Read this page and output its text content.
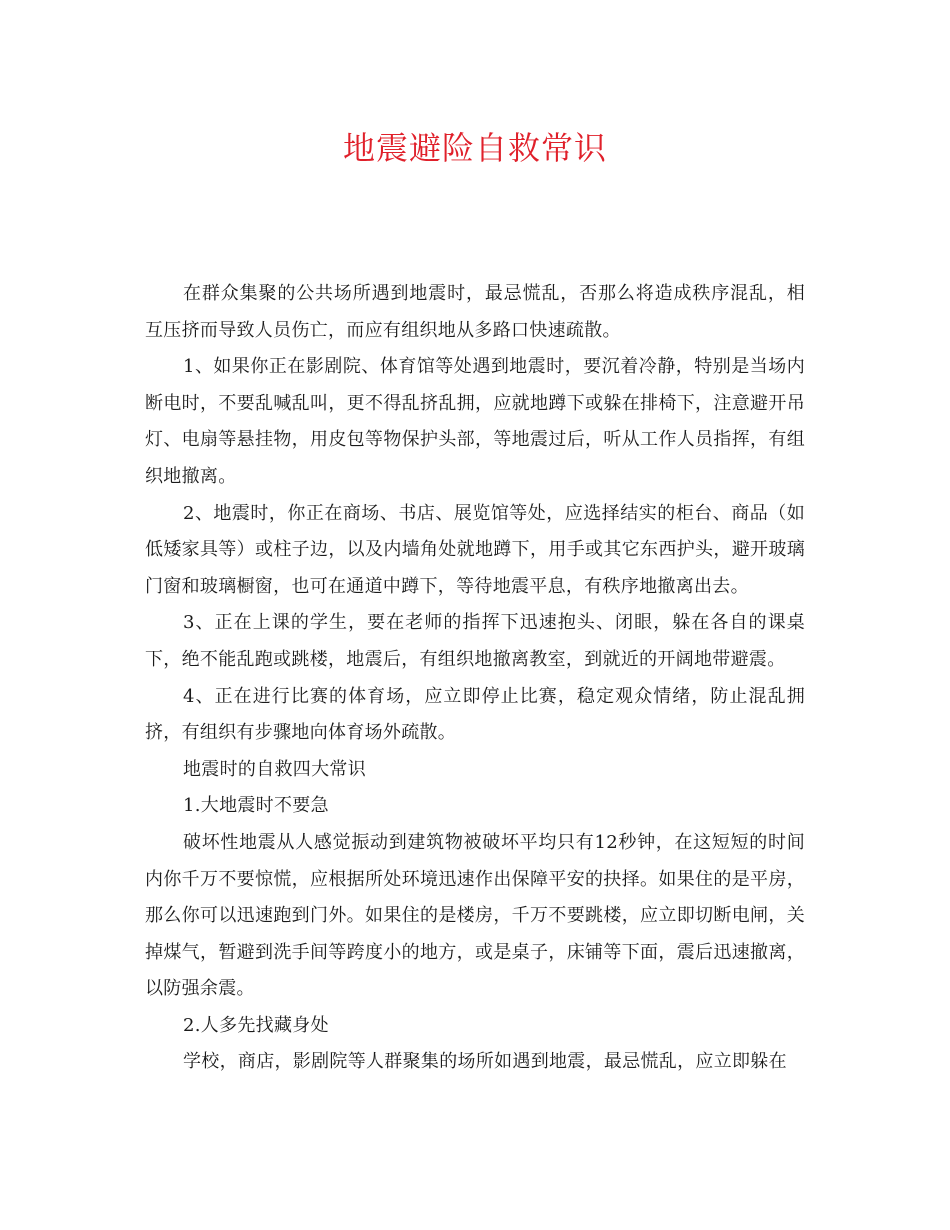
地震避险自救常识

在群众集聚的公共场所遇到地震时，最忌慌乱，否那么将造成秩序混乱，相互压挤而导致人员伤亡，而应有组织地从多路口快速疏散。

1、如果你正在影剧院、体育馆等处遇到地震时，要沉着冷静，特别是当场内断电时，不要乱喊乱叫，更不得乱挤乱拥，应就地蹲下或躲在排椅下，注意避开吊灯、电扇等悬挂物，用皮包等物保护头部，等地震过后，听从工作人员指挥，有组织地撤离。

2、地震时，你正在商场、书店、展览馆等处，应选择结实的柜台、商品（如低矮家具等）或柱子边，以及内墙角处就地蹲下，用手或其它东西护头，避开玻璃门窗和玻璃橱窗，也可在通道中蹲下，等待地震平息，有秩序地撤离出去。

3、正在上课的学生，要在老师的指挥下迅速抱头、闭眼，躲在各自的课桌下，绝不能乱跑或跳楼，地震后，有组织地撤离教室，到就近的开阔地带避震。

4、正在进行比赛的体育场，应立即停止比赛，稳定观众情绪，防止混乱拥挤，有组织有步骤地向体育场外疏散。

地震时的自救四大常识

1.大地震时不要急

破坏性地震从人感觉振动到建筑物被破坏平均只有12秒钟，在这短短的时间内你千万不要惊慌，应根据所处环境迅速作出保障平安的抉择。如果住的是平房，那么你可以迅速跑到门外。如果住的是楼房，千万不要跳楼，应立即切断电闸，关掉煤气，暂避到洗手间等跨度小的地方，或是桌子，床铺等下面，震后迅速撤离，以防强余震。

2.人多先找藏身处

学校，商店，影剧院等人群聚集的场所如遇到地震，最忌慌乱，应立即躲在
